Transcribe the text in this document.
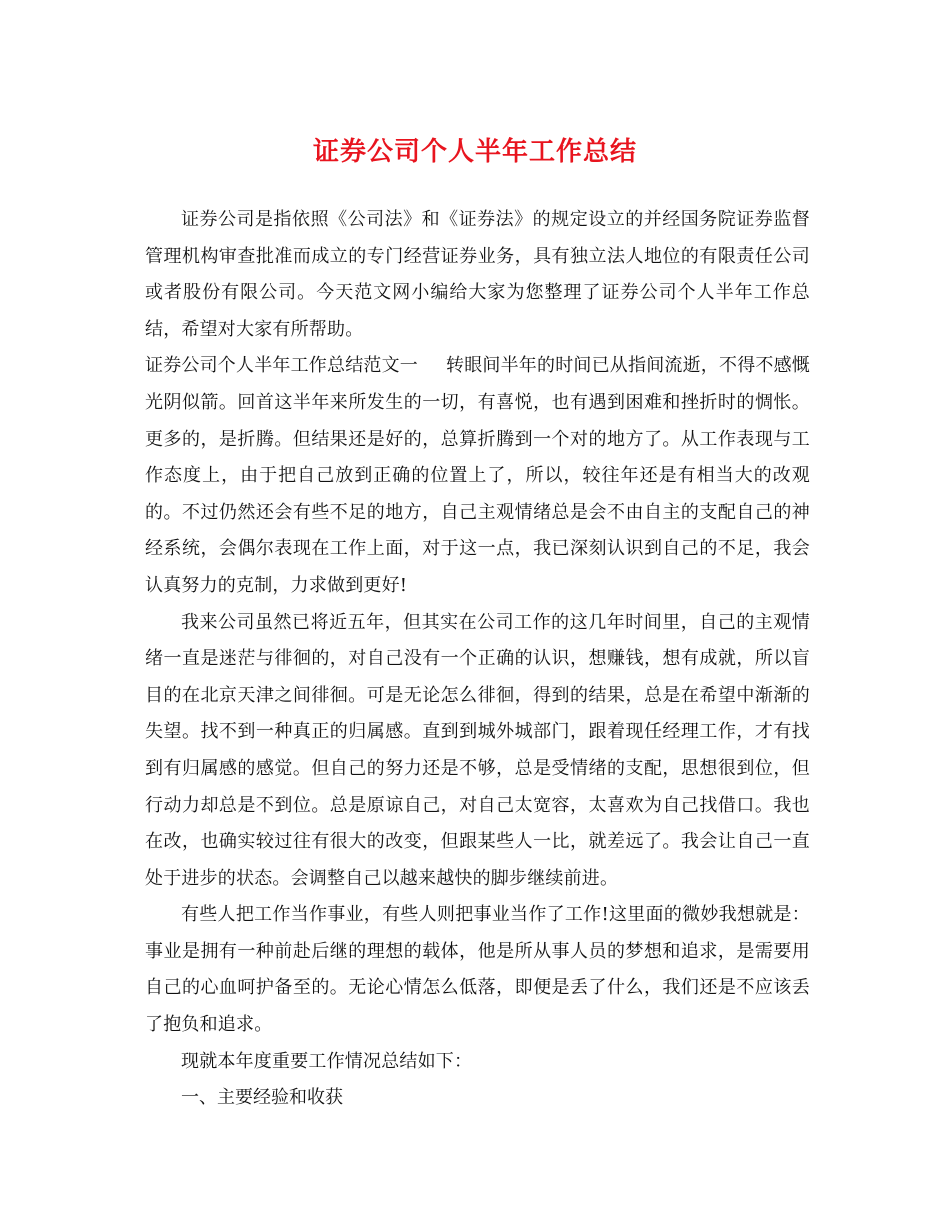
证券公司个人半年工作总结

证券公司是指依照《公司法》和《证券法》的规定设立的并经国务院证券监督管理机构审查批准而成立的专门经营证券业务，具有独立法人地位的有限责任公司或者股份有限公司。今天范文网小编给大家为您整理了证券公司个人半年工作总结，希望对大家有所帮助。

证券公司个人半年工作总结范文一 转眼间半年的时间已从指间流逝，不得不感慨光阴似箭。回首这半年来所发生的一切，有喜悦，也有遇到困难和挫折时的惆怅。更多的，是折腾。但结果还是好的，总算折腾到一个对的地方了。从工作表现与工作态度上，由于把自己放到正确的位置上了，所以，较往年还是有相当大的改观的。不过仍然还会有些不足的地方，自己主观情绪总是会不由自主的支配自己的神经系统，会偶尔表现在工作上面，对于这一点，我已深刻认识到自己的不足，我会认真努力的克制，力求做到更好!

我来公司虽然已将近五年，但其实在公司工作的这几年时间里，自己的主观情绪一直是迷茫与徘徊的，对自己没有一个正确的认识，想赚钱，想有成就，所以盲目的在北京天津之间徘徊。可是无论怎么徘徊，得到的结果，总是在希望中渐渐的失望。找不到一种真正的归属感。直到到城外城部门，跟着现任经理工作，才有找到有归属感的感觉。但自己的努力还是不够，总是受情绪的支配，思想很到位，但行动力却总是不到位。总是原谅自己，对自己太宽容，太喜欢为自己找借口。我也在改，也确实较过往有很大的改变，但跟某些人一比，就差远了。我会让自己一直处于进步的状态。会调整自己以越来越快的脚步继续前进。

有些人把工作当作事业，有些人则把事业当作了工作!这里面的微妙我想就是：事业是拥有一种前赴后继的理想的载体，他是所从事人员的梦想和追求，是需要用自己的心血呵护备至的。无论心情怎么低落，即便是丢了什么，我们还是不应该丢了抱负和追求。

现就本年度重要工作情况总结如下：

一、主要经验和收获
